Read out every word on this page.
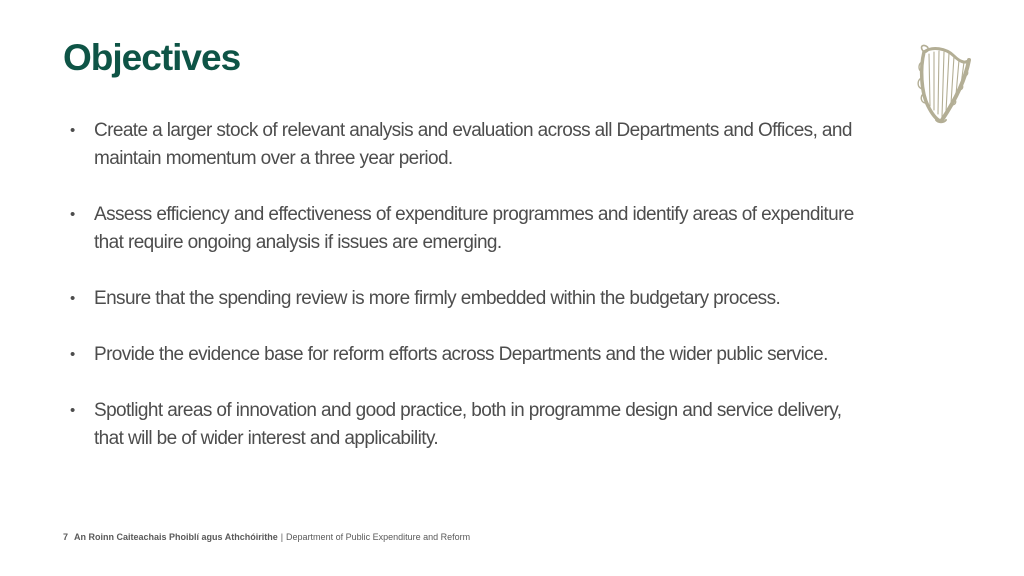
Objectives
• Create a larger stock of relevant analysis and evaluation across all Departments and Offices, and maintain momentum over a three year period.
• Assess efficiency and effectiveness of expenditure programmes and identify areas of expenditure that require ongoing analysis if issues are emerging.
• Ensure that the spending review is more firmly embedded within the budgetary process.
• Provide the evidence base for reform efforts across Departments and the wider public service.
• Spotlight areas of innovation and good practice, both in programme design and service delivery, that will be of wider interest and applicability.
7 An Roinn Caiteachais Phoiblí agus Athchóirithe | Department of Public Expenditure and Reform
